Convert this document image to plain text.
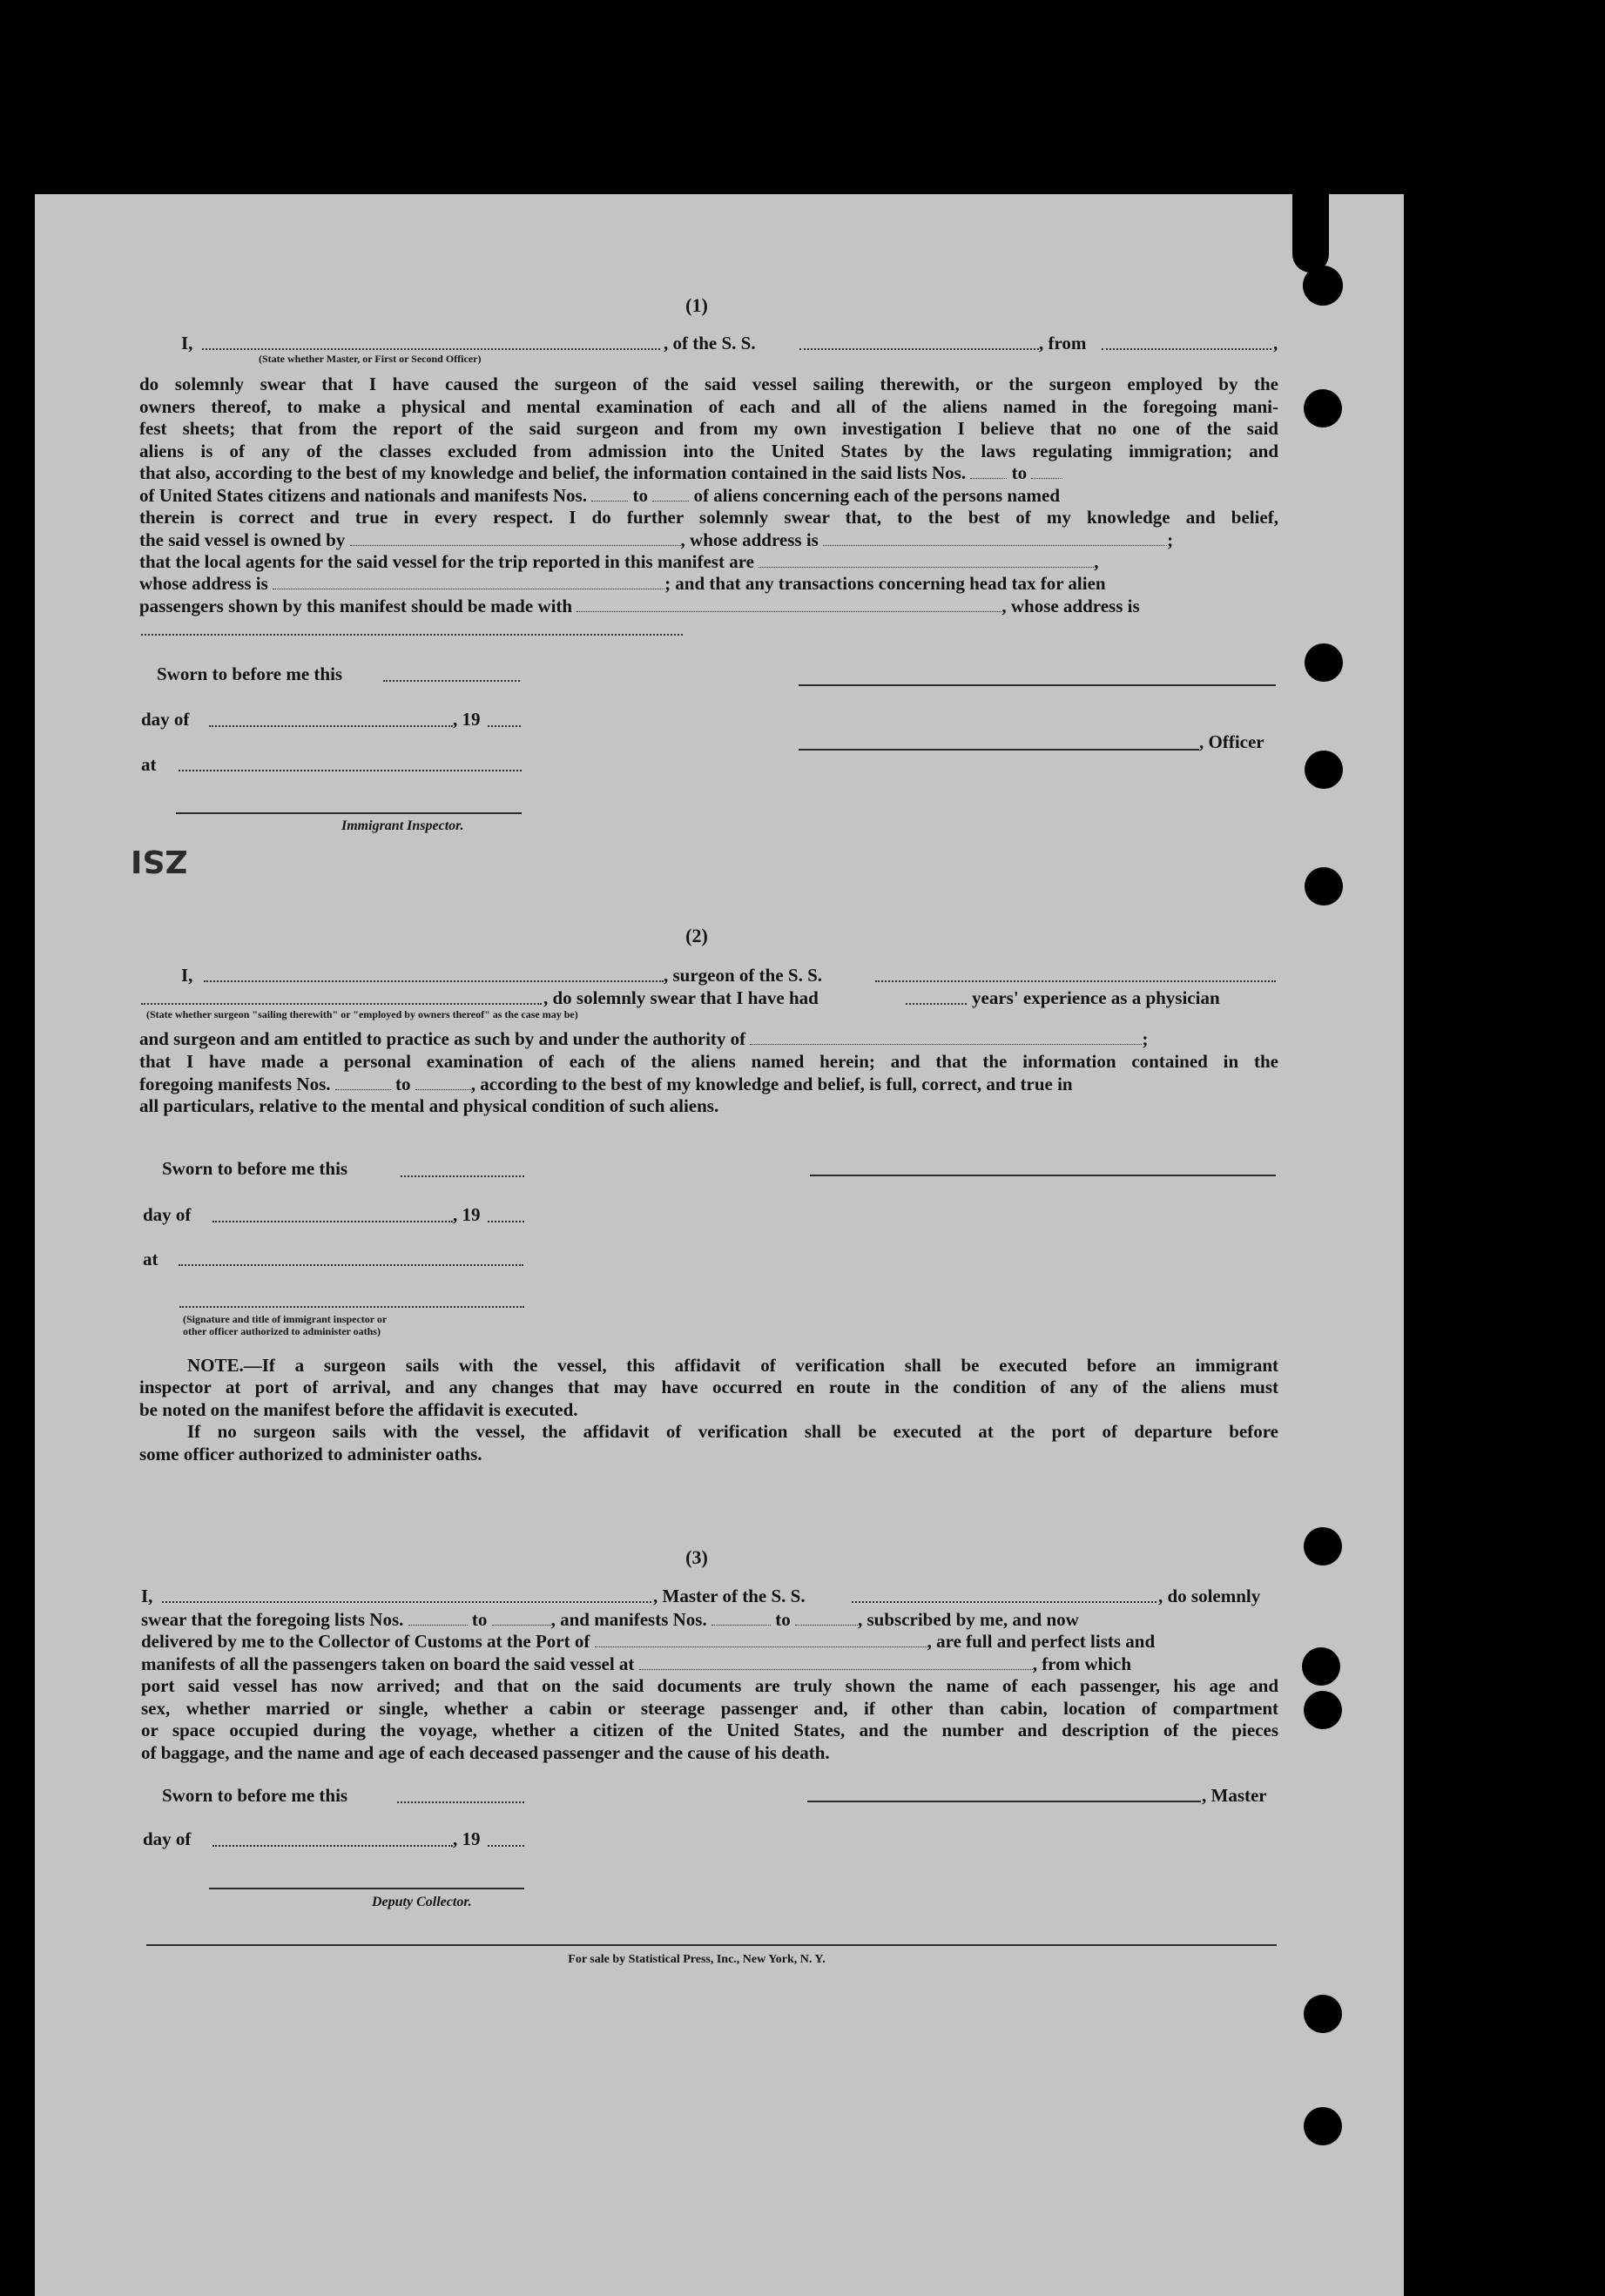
ZSI
(1)
I,	, of the S. S.	, from	,
(State whether Master, or First or Second Officer)
do solemnly swear that I have caused the surgeon of the said vessel sailing therewith, or the surgeon employed by the
owners thereof, to make a physical and mental examination of each and all of the aliens named in the foregoing mani-
fest sheets; that from the report of the said surgeon and from my own investigation I believe that no one of the said
aliens is of any of the classes excluded from admission into the United States by the laws regulating immigration; and
that also, according to the best of my knowledge and belief, the information contained in the said lists Nos.	to
of United States citizens and nationals and manifests Nos.	to	of aliens concerning each of the persons named
therein is correct and true in every respect. I do further solemnly swear that, to the best of my knowledge and belief,
the said vessel is owned by	, whose address is	;
that the local agents for the said vessel for the trip reported in this manifest are	,
whose address is	; and that any transactions concerning head tax for alien
passengers shown by this manifest should be made with	, whose address is
Sworn to before me this
day of	, 19
, Officer
at
Immigrant Inspector.
(2)
I,	, surgeon of the S. S.
, do solemnly swear that I have had	years' experience as a physician
(State whether surgeon "sailing therewith" or "employed by owners thereof" as the case may be)
and surgeon and am entitled to practice as such by and under the authority of	;
that I have made a personal examination of each of the aliens named herein; and that the information contained in the
foregoing manifests Nos.	to	, according to the best of my knowledge and belief, is full, correct, and true in
all particulars, relative to the mental and physical condition of such aliens.
Sworn to before me this
day of	, 19
at
(Signature and title of immigrant inspector or
other officer authorized to administer oaths)
NOTE.—If a surgeon sails with the vessel, this affidavit of verification shall be executed before an immigrant
inspector at port of arrival, and any changes that may have occurred en route in the condition of any of the aliens must
be noted on the manifest before the affidavit is executed.
If no surgeon sails with the vessel, the affidavit of verification shall be executed at the port of departure before
some officer authorized to administer oaths.
(3)
I,	, Master of the S. S.	, do solemnly
swear that the foregoing lists Nos.	to	, and manifests Nos.	to	, subscribed by me, and now
delivered by me to the Collector of Customs at the Port of	, are full and perfect lists and
manifests of all the passengers taken on board the said vessel at	, from which
port said vessel has now arrived; and that on the said documents are truly shown the name of each passenger, his age and
sex, whether married or single, whether a cabin or steerage passenger and, if other than cabin, location of compartment
or space occupied during the voyage, whether a citizen of the United States, and the number and description of the pieces
of baggage, and the name and age of each deceased passenger and the cause of his death.
Sworn to before me this	, Master
day of	, 19
Deputy Collector.
For sale by Statistical Press, Inc., New York, N. Y.
